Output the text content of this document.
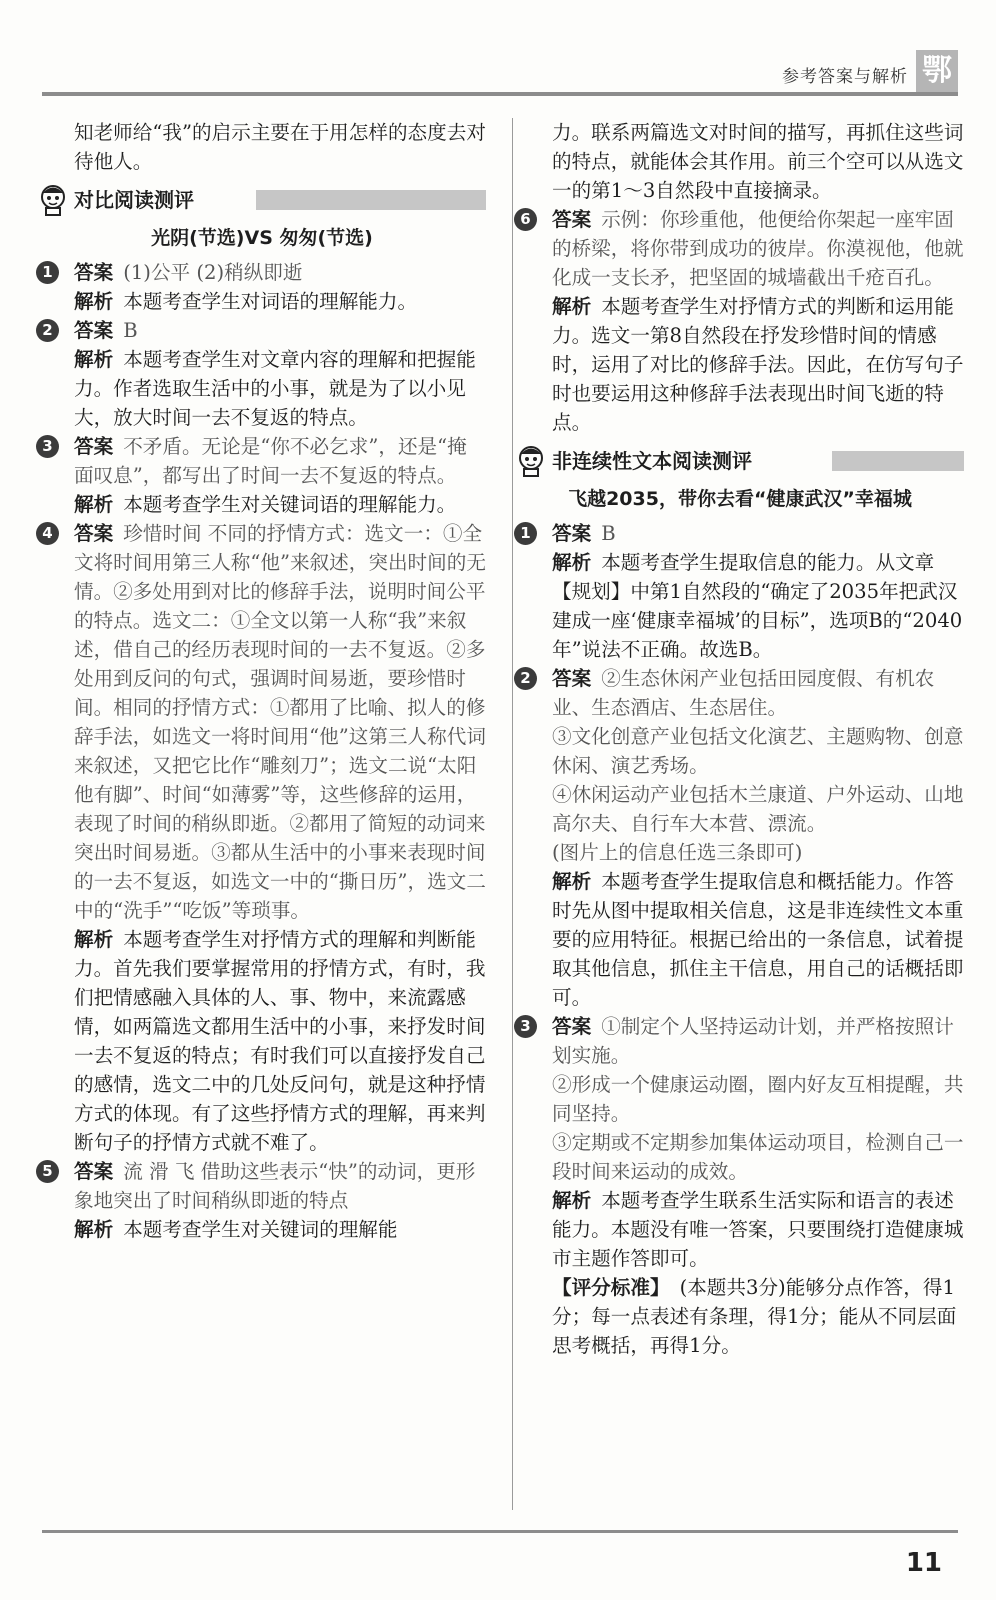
参考答案与解析 鄂

知老师给“我”的启示主要在于用怎样的态度去对待他人。

对比阅读测评
光阴(节选)VS 匆匆(节选)
1	答案 (1)公平 (2)稍纵即逝

解析 本题考查学生对词语的理解能力。

2	答案 B

解析 本题考查学生对文章内容的理解和把握能力。作者选取生活中的小事，就是为了以小见大，放大时间一去不复返的特点。

3	答案 不矛盾。无论是“你不必乞求”，还是“掩面叹息”，都写出了时间一去不复返的特点。

解析 本题考查学生对关键词语的理解能力。

4	答案 珍惜时间 不同的抒情方式：选文一：①全文将时间用第三人称“他”来叙述，突出时间的无情。②多处用到对比的修辞手法，说明时间公平的特点。选文二：①全文以第一人称“我”来叙述，借自己的经历表现时间的一去不复返。②多处用到反问的句式，强调时间易逝，要珍惜时间。相同的抒情方式：①都用了比喻、拟人的修辞手法，如选文一将时间用“他”这第三人称代词来叙述，又把它比作“雕刻刀”；选文二说“太阳他有脚”、时间“如薄雾”等，这些修辞的运用，表现了时间的稍纵即逝。②都用了简短的动词来突出时间易逝。③都从生活中的小事来表现时间的一去不复返，如选文一中的“撕日历”，选文二中的“洗手”“吃饭”等琐事。

解析 本题考查学生对抒情方式的理解和判断能力。首先我们要掌握常用的抒情方式，有时，我们把情感融入具体的人、事、物中，来流露感情，如两篇选文都用生活中的小事，来抒发时间一去不复返的特点；有时我们可以直接抒发自己的感情，选文二中的几处反问句，就是这种抒情方式的体现。有了这些抒情方式的理解，再来判断句子的抒情方式就不难了。

5	答案 流 滑 飞 借助这些表示“快”的动词，更形象地突出了时间稍纵即逝的特点

解析 本题考查学生对关键词的理解能

力。联系两篇选文对时间的描写，再抓住这些词的特点，就能体会其作用。前三个空可以从选文一的第1～3自然段中直接摘录。

6	答案 示例：你珍重他，他便给你架起一座牢固的桥梁，将你带到成功的彼岸。你漠视他，他就化成一支长矛，把坚固的城墙截出千疮百孔。

解析 本题考查学生对抒情方式的判断和运用能力。选文一第8自然段在抒发珍惜时间的情感时，运用了对比的修辞手法。因此，在仿写句子时也要运用这种修辞手法表现出时间飞逝的特点。

非连续性文本阅读测评
飞越2035，带你去看“健康武汉”幸福城
1	答案 B

解析 本题考查学生提取信息的能力。从文章【规划】中第1自然段的“确定了2035年把武汉建成一座‘健康幸福城’的目标”，选项B的“2040年”说法不正确。故选B。

2	答案 ②生态休闲产业包括田园度假、有机农业、生态酒店、生态居住。

③文化创意产业包括文化演艺、主题购物、创意休闲、演艺秀场。

④休闲运动产业包括木兰康道、户外运动、山地高尔夫、自行车大本营、漂流。

(图片上的信息任选三条即可)

解析 本题考查学生提取信息和概括能力。作答时先从图中提取相关信息，这是非连续性文本重要的应用特征。根据已给出的一条信息，试着提取其他信息，抓住主干信息，用自己的话概括即可。

3	答案 ①制定个人坚持运动计划，并严格按照计划实施。

②形成一个健康运动圈，圈内好友互相提醒，共同坚持。

③定期或不定期参加集体运动项目，检测自己一段时间来运动的成效。

解析 本题考查学生联系生活实际和语言的表述能力。本题没有唯一答案，只要围绕打造健康城市主题作答即可。

【评分标准】 (本题共3分)能够分点作答，得1分；每一点表述有条理，得1分；能从不同层面思考概括，再得1分。

11
